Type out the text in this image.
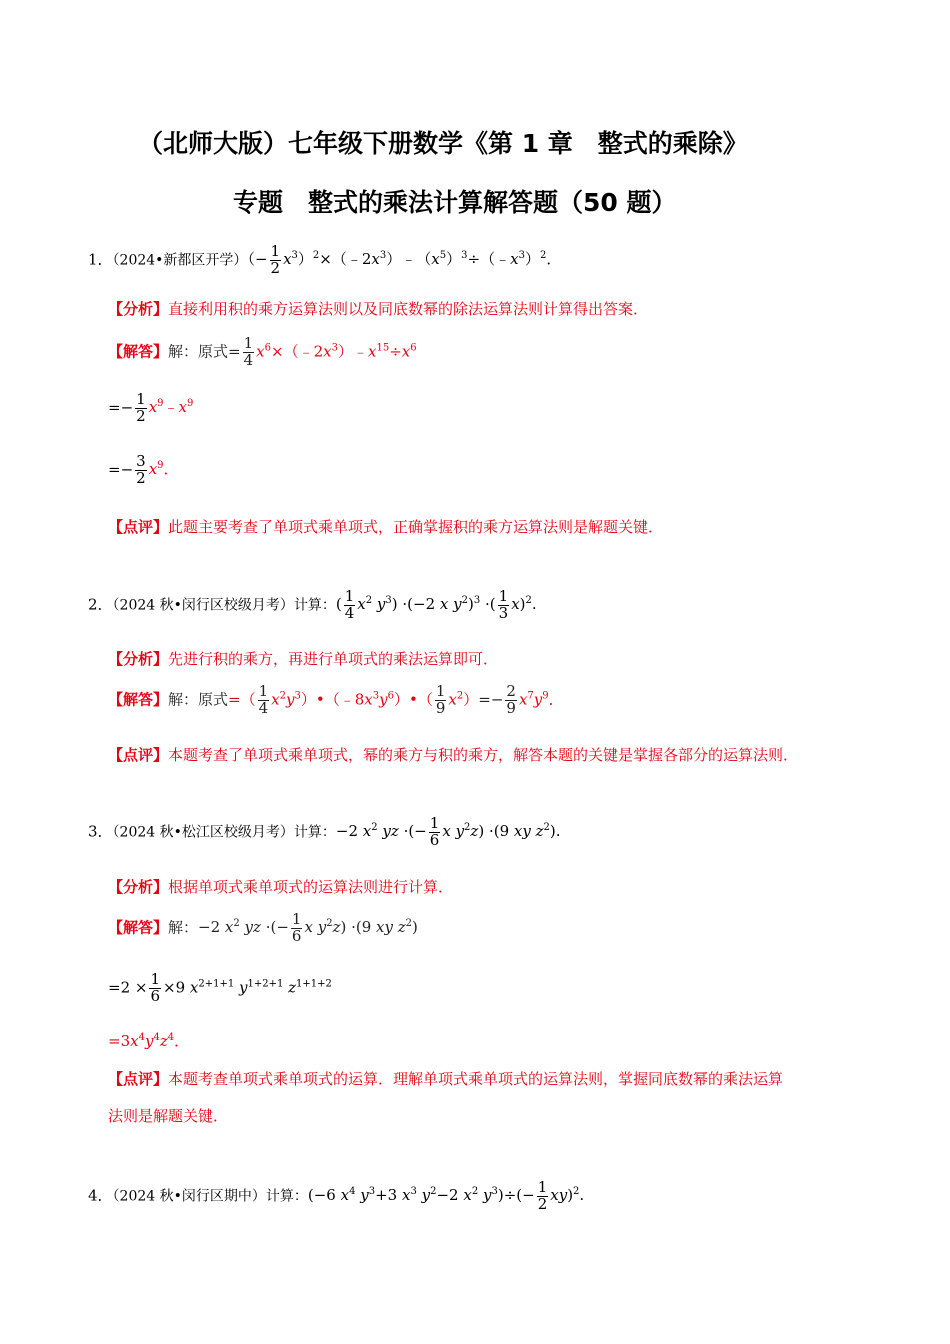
（北师大版）七年级下册数学《第 1 章　整式的乘除》
专题　整式的乘法计算解答题（50 题）
1．（2024•新都区开学）（− $\frac{1}{2}$ $x^3)^2\times(﹣2x^3)﹣(x^5)^3\div(﹣x^3)^2$．
【分析】直接利用积的乘方运算法则以及同底数幂的除法运算法则计算得出答案．
【解答】解：原式= $\frac{1}{4}$ $x^6\times(﹣2x^3)﹣x^{15}\div x^6$
=− $\frac{1}{2}$ $x^9﹣x^9$
=− $\frac{3}{2} x^9$．
【点评】此题主要考查了单项式乘单项式，正确掌握积的乘方运算法则是解题关键．
2．（2024 秋•闵行区校级月考）计算：( $\frac{1}{4} x^2$ $y^3) \cdot(-2$ x $y^2)^3$ ·( $\frac{1}{3} x)^2$.
【分析】先进行积的乘方，再进行单项式的乘法运算即可．
【解答】解：原式=（ $\frac{1}{4}$ $x^2y^3)•(﹣8x^3y^6)•( \frac{1}{9} x^2)=- \frac{2}{9} x^7y^9$．
【点评】本题考查了单项式乘单项式，幂的乘方与积的乘方，解答本题的关键是掌握各部分的运算法则．
3．（2024 秋•松江区校级月考）计算：−2 $x^2$ yz ·(− $\frac{1}{6}$ x $y^2z) \cdot(9$ xy $z^2$).
【分析】根据单项式乘单项式的运算法则进行计算．
【解答】解：−2 $x^2$ yz ·(− $\frac{1}{6}$ x $y^2z) \cdot(9$ xy $z^2$)
$=2 \times \frac{1}{6} \times 9$ $x^{2+1+1}$ $y^{1+2+1}$ $z^{1+1+2}$
$=3x^4y^4z^4$．
【点评】本题考查单项式乘单项式的运算．理解单项式乘单项式的运算法则，掌握同底数幂的乘法运算
法则是解题关键．
4．（2024 秋•闵行区期中）计算：(−6 $x^4$ $y^3+3$ $x^3$ $y^2-2$ $x^2$ $y^3)\div(- \frac{1}{2} xy)^2$.
